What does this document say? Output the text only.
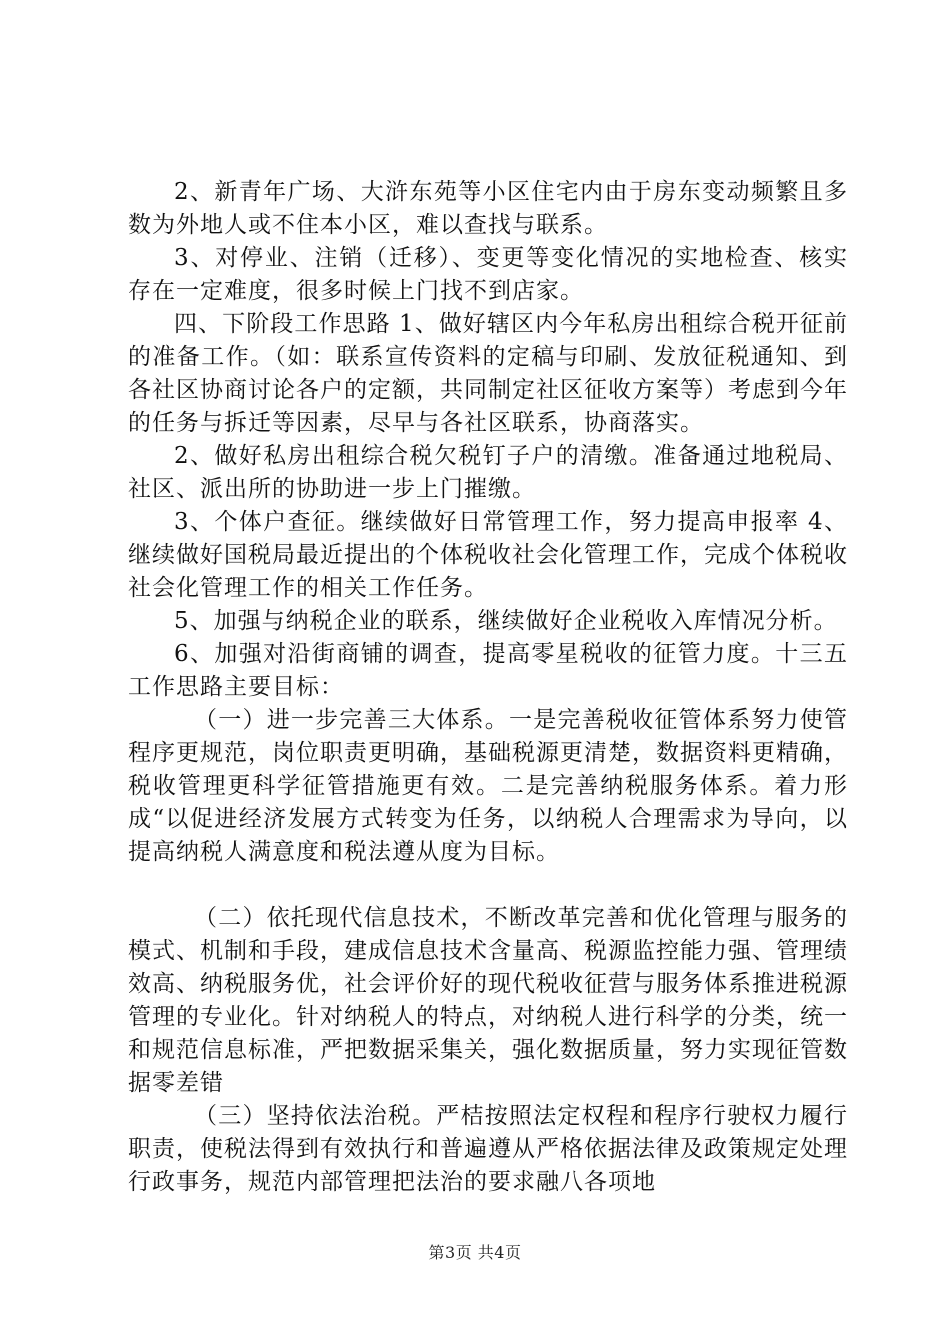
2、新青年广场、大浒东苑等小区住宅内由于房东变动频繁且多数为外地人或不住本小区，难以查找与联系。

3、对停业、注销（迁移）、变更等变化情况的实地检查、核实存在一定难度，很多时候上门找不到店家。

四、下阶段工作思路 1、做好辖区内今年私房出租综合税开征前的准备工作。（如：联系宣传资料的定稿与印刷、发放征税通知、到各社区协商讨论各户的定额，共同制定社区征收方案等）考虑到今年的任务与拆迁等因素，尽早与各社区联系，协商落实。

2、做好私房出租综合税欠税钉子户的清缴。准备通过地税局、社区、派出所的协助进一步上门摧缴。

3、个体户查征。继续做好日常管理工作，努力提高申报率 4、继续做好国税局最近提出的个体税收社会化管理工作，完成个体税收社会化管理工作的相关工作任务。

5、加强与纳税企业的联系，继续做好企业税收入库情况分析。

6、加强对沿街商铺的调查，提高零星税收的征管力度。十三五工作思路主要目标：

（一）进一步完善三大体系。一是完善税收征管体系努力使管程序更规范，岗位职责更明确，基础税源更清楚，数据资料更精确，税收管理更科学征管措施更有效。二是完善纳税服务体系。着力形成“以促进经济发展方式转变为任务，以纳税人合理需求为导向，以提高纳税人满意度和税法遵从度为目标。

（二）依托现代信息技术，不断改革完善和优化管理与服务的模式、机制和手段，建成信息技术含量高、税源监控能力强、管理绩效高、纳税服务优，社会评价好的现代税收征营与服务体系推进税源管理的专业化。针对纳税人的特点，对纳税人进行科学的分类，统一和规范信息标准，严把数据采集关，强化数据质量，努力实现征管数据零差错

（三）坚持依法治税。严桔按照法定权程和程序行驶权力履行职责，使税法得到有效执行和普遍遵从严格依据法律及政策规定处理行政事务，规范内部管理把法治的要求融八各项地

第3页 共4页
